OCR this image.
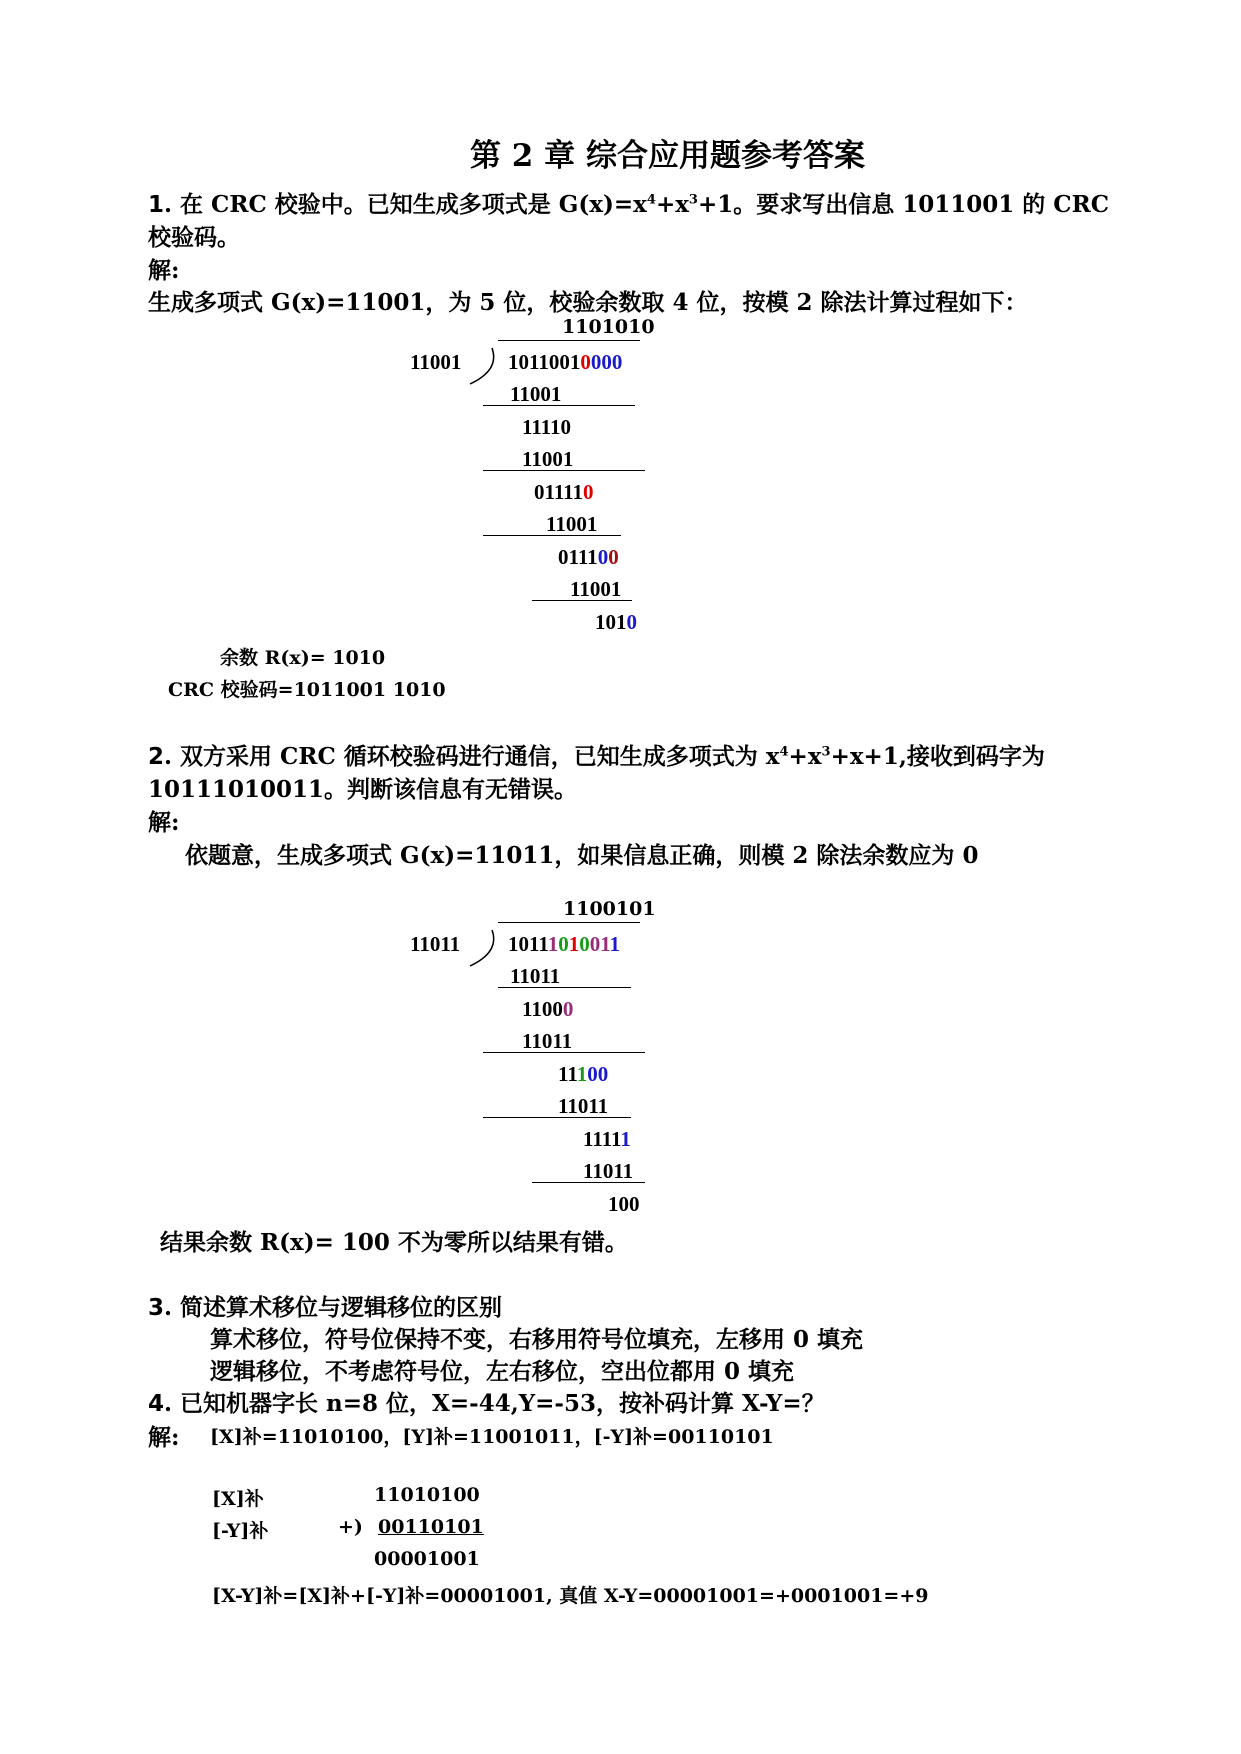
第 2 章 综合应用题参考答案
1. 在 CRC 校验中。已知生成多项式是 $G(x)=x^4+x^3+1$。要求写出信息 1011001 的 CRC
校验码。
解:
生成多项式 G(x)=11001，为 5 位，校验余数取 4 位，按模 2 除法计算过程如下：
1101010
11001 10110010000
11001
11110
11001
011110
11001
011100
11001
1010
余数 R(x)= 1010
CRC 校验码=1011001 1010
2. 双方采用 CRC 循环校验码进行通信，已知生成多项式为 $x^4+x^3+x+1$,接收到码字为
10111010011。判断该信息有无错误。
解:
依题意，生成多项式 G(x)=11011，如果信息正确，则模 2 除法余数应为 0
1100101
11011 10111010011
11011
11000
11011
11100
11011
11111
11011
100
结果余数 R(x)= 100 不为零所以结果有错。
3. 简述算术移位与逻辑移位的区别
算术移位，符号位保持不变，右移用符号位填充，左移用 0 填充
逻辑移位，不考虑符号位，左右移位，空出位都用 0 填充
4. 已知机器字长 n=8 位，X=-44,Y=-53，按补码计算 X-Y=？
解: [X]补=11010100，[Y]补=11001011，[-Y]补=00110101
[X]补	11010100
[-Y]补	+) 00110101
00001001
[X-Y]补=[X]补+[-Y]补=00001001, 真值 X-Y=00001001=+0001001=+9
